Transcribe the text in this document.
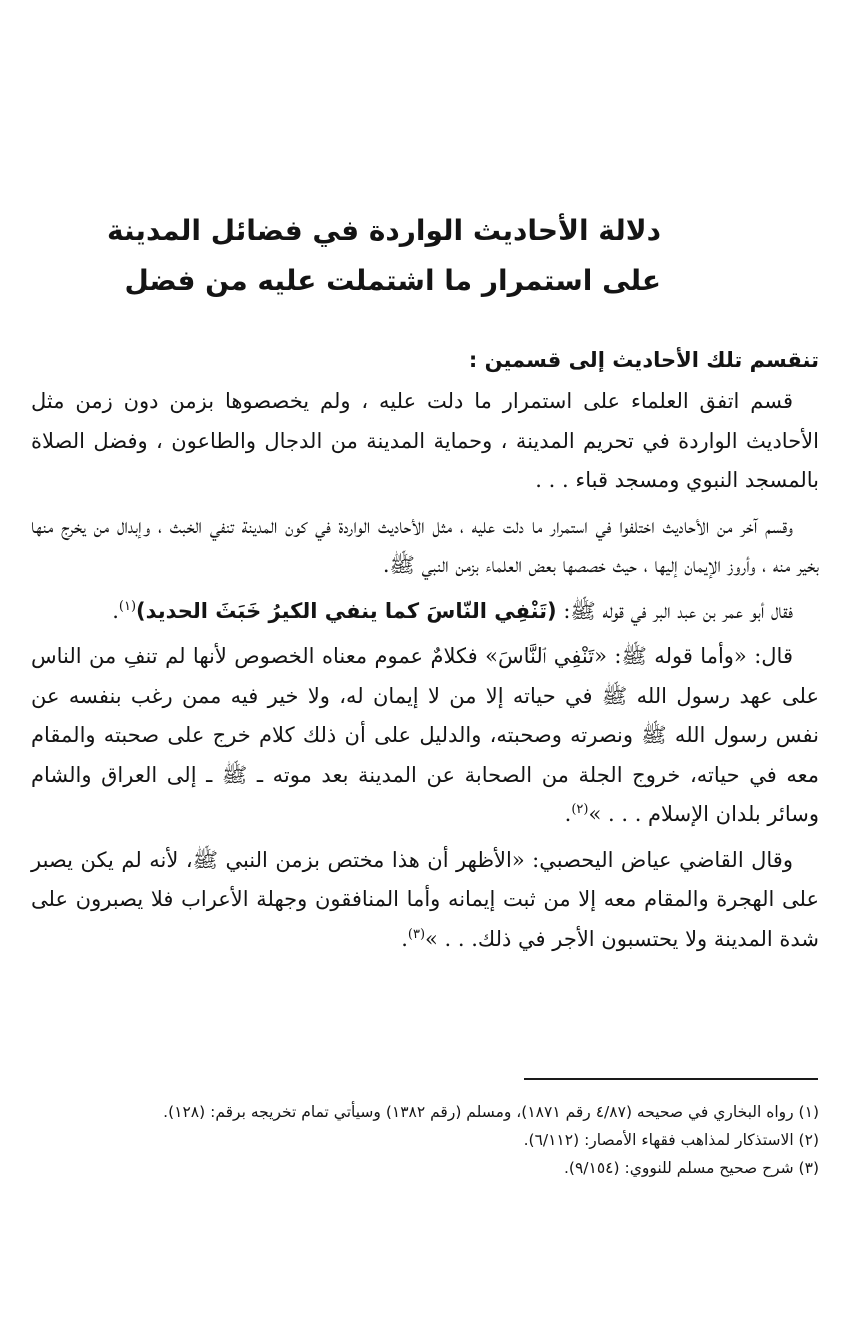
دلالة الأحاديث الواردة في فضائل المدينة
على استمرار ما اشتملت عليه من فضل
تنقسم تلك الأحاديث إلى قسمين :

قسم اتفق العلماء على استمرار ما دلت عليه ، ولم يخصصوها بزمن دون زمن مثل الأحاديث الواردة في تحريم المدينة ، وحماية المدينة من الدجال والطاعون ، وفضل الصلاة بالمسجد النبوي ومسجد قباء . . .

وقسم آخر من الأحاديث اختلفوا في استمرار ما دلت عليه ، مثل الأحاديث الواردة في كون المدينة تنفي الخبث ، وإبدال من يخرج منها بخير منه ، وأروز الإيمان إليها ، حيث خصصها بعض العلماء بزمن النبي ﷺ.

فقال أبو عمر بن عبد البر في قوله ﷺ: (تَنْفِي النّاسَ كما ينفي الكيرُ خَبَثَ الحديد)$^{(١)}$.

قال: «وأما قوله ﷺ: «تَنْفِي ٱلنَّاسَ» فكلامٌ عموم معناه الخصوص لأنها لم تنفِ من الناس على عهد رسول الله ﷺ في حياته إلا من لا إيمان له، ولا خير فيه ممن رغب بنفسه عن نفس رسول الله ﷺ ونصرته وصحبته، والدليل على أن ذلك كلام خرج على صحبته والمقام معه في حياته، خروج الجلة من الصحابة عن المدينة بعد موته ـ ﷺ ـ إلى العراق والشام وسائر بلدان الإسلام . . . »$^{(٢)}$.

وقال القاضي عياض اليحصبي: «الأظهر أن هذا مختص بزمن النبي ﷺ، لأنه لم يكن يصبر على الهجرة والمقام معه إلا من ثبت إيمانه وأما المنافقون وجهلة الأعراب فلا يصبرون على شدة المدينة ولا يحتسبون الأجر في ذلك. . . »$^{(٣)}$.

(١) رواه البخاري في صحيحه (٤/٨٧ رقم ١٨٧١)، ومسلم (رقم ١٣٨٢) وسيأتي تمام تخريجه برقم: (١٢٨).
(٢) الاستذكار لمذاهب فقهاء الأمصار: (٦/١١٢).
(٣) شرح صحيح مسلم للنووي: (٩/١٥٤).
